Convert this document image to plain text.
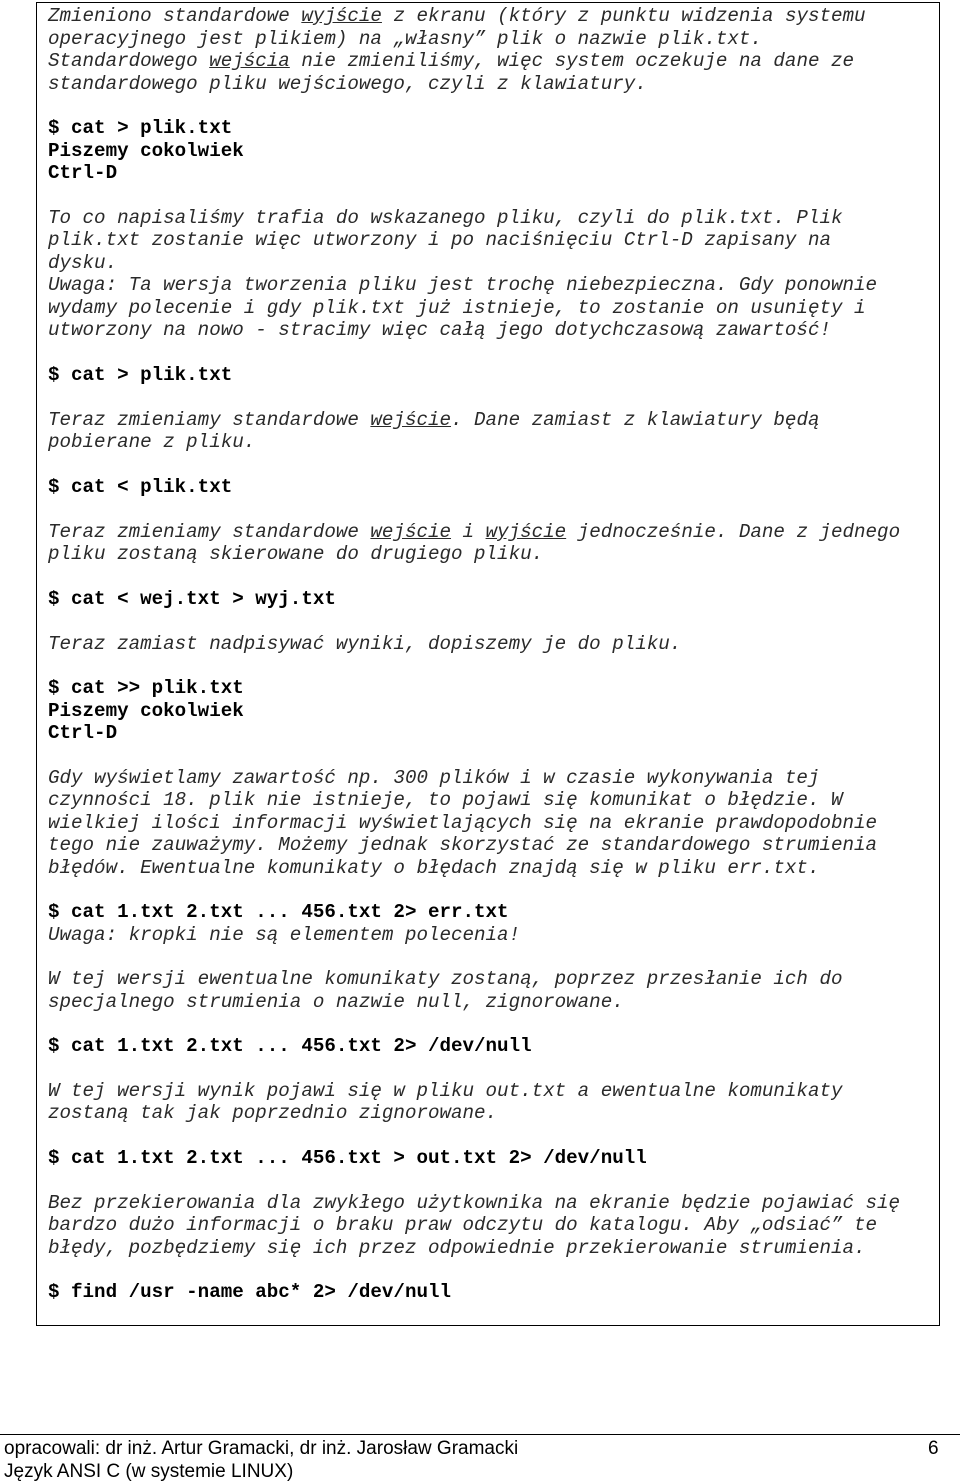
Zmieniono standardowe wyjście z ekranu (który z punktu widzenia systemu
operacyjnego jest plikiem) na „własny” plik o nazwie plik.txt.
Standardowego wejścia nie zmieniliśmy, więc system oczekuje na dane ze
standardowego pliku wejściowego, czyli z klawiatury.
$ cat > plik.txt
Piszemy cokolwiek
Ctrl-D
To co napisaliśmy trafia do wskazanego pliku, czyli do plik.txt. Plik
plik.txt zostanie więc utworzony i po naciśnięciu Ctrl-D zapisany na
dysku.
Uwaga: Ta wersja tworzenia pliku jest trochę niebezpieczna. Gdy ponownie
wydamy polecenie i gdy plik.txt już istnieje, to zostanie on usunięty i
utworzony na nowo - stracimy więc całą jego dotychczasową zawartość!
$ cat > plik.txt
Teraz zmieniamy standardowe wejście. Dane zamiast z klawiatury będą
pobierane z pliku.
$ cat < plik.txt
Teraz zmieniamy standardowe wejście i wyjście jednocześnie. Dane z jednego
pliku zostaną skierowane do drugiego pliku.
$ cat < wej.txt > wyj.txt
Teraz zamiast nadpisywać wyniki, dopiszemy je do pliku.
$ cat >> plik.txt
Piszemy cokolwiek
Ctrl-D
Gdy wyświetlamy zawartość np. 300 plików i w czasie wykonywania tej
czynności 18. plik nie istnieje, to pojawi się komunikat o błędzie. W
wielkiej ilości informacji wyświetlających się na ekranie prawdopodobnie
tego nie zauważymy. Możemy jednak skorzystać ze standardowego strumienia
błędów. Ewentualne komunikaty o błędach znajdą się w pliku err.txt.
$ cat 1.txt 2.txt ... 456.txt 2> err.txt
Uwaga: kropki nie są elementem polecenia!
W tej wersji ewentualne komunikaty zostaną, poprzez przesłanie ich do
specjalnego strumienia o nazwie null, zignorowane.
$ cat 1.txt 2.txt ... 456.txt 2> /dev/null
W tej wersji wynik pojawi się w pliku out.txt a ewentualne komunikaty
zostaną tak jak poprzednio zignorowane.
$ cat 1.txt 2.txt ... 456.txt > out.txt 2> /dev/null
Bez przekierowania dla zwykłego użytkownika na ekranie będzie pojawiać się
bardzo dużo informacji o braku praw odczytu do katalogu. Aby „odsiać” te
błędy, pozbędziemy się ich przez odpowiednie przekierowanie strumienia.
$ find /usr -name abc* 2> /dev/null
opracowali: dr inż. Artur Gramacki, dr inż. Jarosław Gramacki	6
Język ANSI C (w systemie LINUX)
